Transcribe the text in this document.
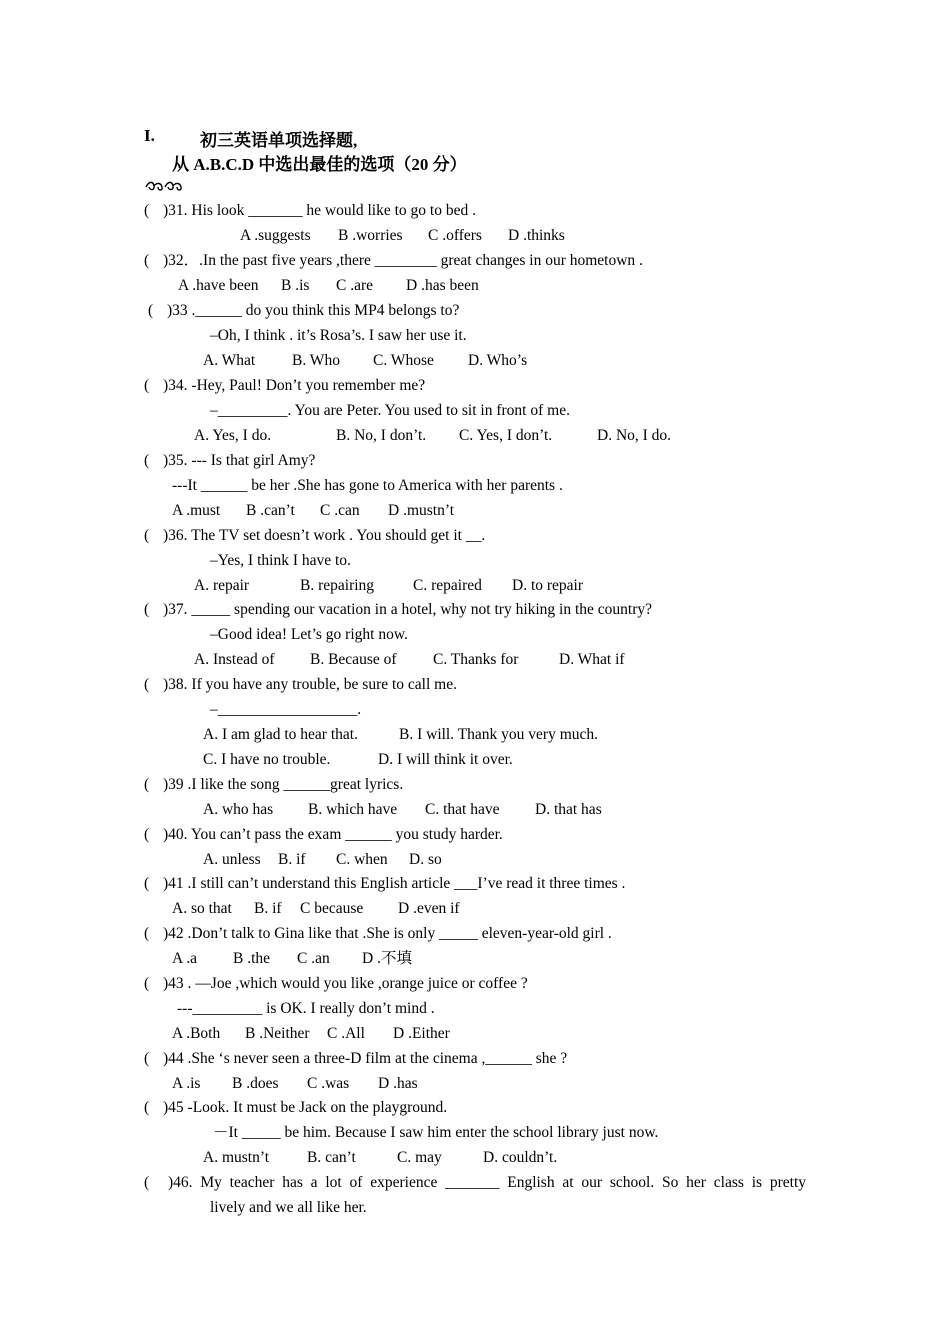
I.	初三英语单项选择题,
从 A.B.C.D 中选出最佳的选项（20 分）
( )31. His look _______ he would like to go to bed .
A .suggests B .worries C .offers D .thinks
( )32．.In the past five years ,there ________ great changes in our hometown .
A .have been B .is C .are D .has been
( )33 .______ do you think this MP4 belongs to?
–Oh, I think . it’s Rosa’s. I saw her use it.
A. What B. Who C. Whose D. Who’s
( )34. -Hey, Paul! Don’t you remember me?
–_________. You are Peter. You used to sit in front of me.
A. Yes, I do.	B. No, I don’t. C. Yes, I don’t.	D. No, I do.
( )35. --- Is that girl Amy?
---It ______ be her .She has gone to America with her parents .
A .must B .can’t C .can D .mustn’t
( )36. The TV set doesn’t work . You should get it __.
–Yes, I think I have to.
A. repair	B. repairing	C. repaired D. to repair
( )37. _____ spending our vacation in a hotel, why not try hiking in the country?
–Good idea! Let’s go right now.
A. Instead of B. Because of C. Thanks for	D. What if
( )38. If you have any trouble, be sure to call me.
–__________________.
A. I am glad to hear that.	B. I will. Thank you very much.
C. I have no trouble.	D. I will think it over.
( )39 .I like the song ______great lyrics.
A. who has B. which have C. that have D. that has
( )40. You can’t pass the exam ______ you study harder.
A. unless B. if C. when D. so
( )41 .I still can’t understand this English article ___I’ve read it three times .
A. so that B. if C because D .even if
( )42 .Don’t talk to Gina like that .She is only _____ eleven-year-old girl .
A .a B .the C .an D .不填
( )43 . —Joe ,which would you like ,orange juice or coffee ?
---_________ is OK. I really don’t mind .
A .Both B .Neither C .All D .Either
( )44 .She ‘s never seen a three-D film at the cinema ,______ she ?
A .is B .does C .was D .has
( )45 -Look. It must be Jack on the playground.
－It _____ be him. Because I saw him enter the school library just now.
A. mustn’t B. can’t	C. may	D. couldn’t.
( )46. My teacher has a lot of experience _______ English at our school. So her class is pretty
lively and we all like her.
